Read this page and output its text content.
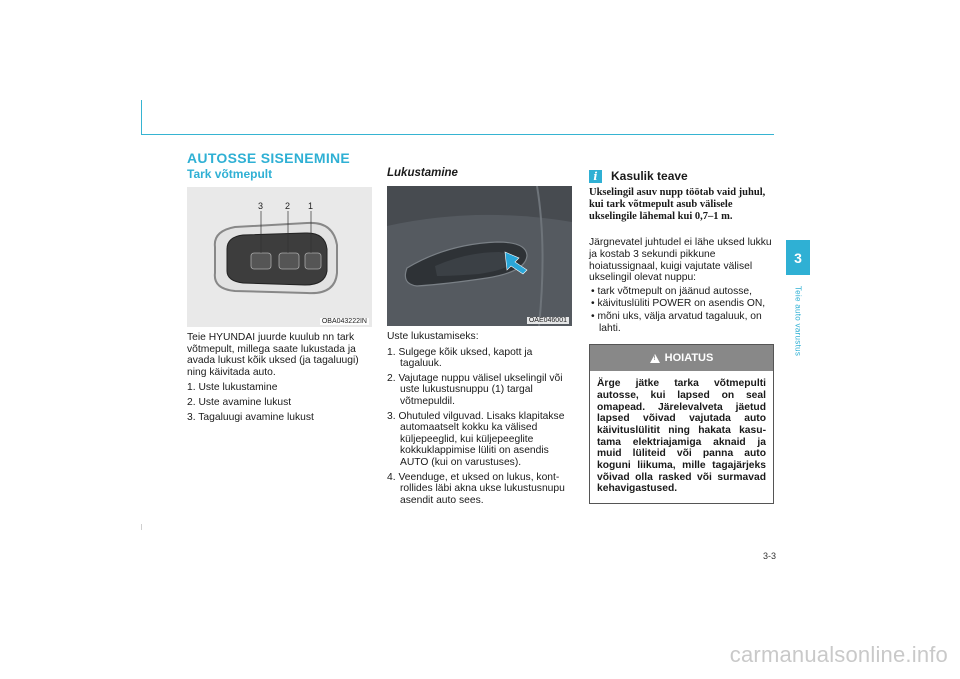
AUTOSSE SISENEMINE
Tark võtmepult
3 2 1
OBA043222IN
Teie HYUNDAI juurde kuulub nn tark võtmepult, millega saate lukustada ja avada lukust kõik uksed (ja tagaluugi) ning käivitada auto.
1. Uste lukustamine
2. Uste avamine lukust
3. Tagaluugi avamine lukust
Lukustamine
OAE046001
Uste lukustamiseks:
1. Sulgege kõik uksed, kapott ja tagaluuk.
2. Vajutage nuppu välisel ukselingil või uste lukustusnuppu (1) targal võtmepuldil.
3. Ohutuled vilguvad. Lisaks klapitakse automaatselt kokku ka välised küljepeeglid, kui küljepeeglite kokkuklappimise lüliti on asendis AUTO (kui on varustuses).
4. Veenduge, et uksed on lukus, kontrollides läbi akna ukse lukustusnupu asendit auto sees.
i	Kasulik teave
Ukselingil asuv nupp töötab vaid juhul, kui tark võtmepult asub välisele ukselingile lähemal kui 0,7–1 m.
Järgnevatel juhtudel ei lähe uksed lukku ja kostab 3 sekundi pikkune hoiatussignaal, kuigi vajutate välisel ukselingil olevat nuppu:
• tark võtmepult on jäänud autosse,
• käivituslüliti POWER on asendis ON,
• mõni uks, välja arvatud tagaluuk, on lahti.
! HOIATUS
Ärge jätke tarka võtmepulti autosse, kui lapsed on seal omapead. Järelevalveta jäetud lapsed võivad vajutada auto käivituslülitit ning hakata kasutama elektriajamiga aknaid ja muid lüliteid või panna auto koguni liikuma, mille tagajärjeks võivad olla rasked või surmavad kehavigastused.
3
Teie auto varustus
3-3
carmanualsonline.info
